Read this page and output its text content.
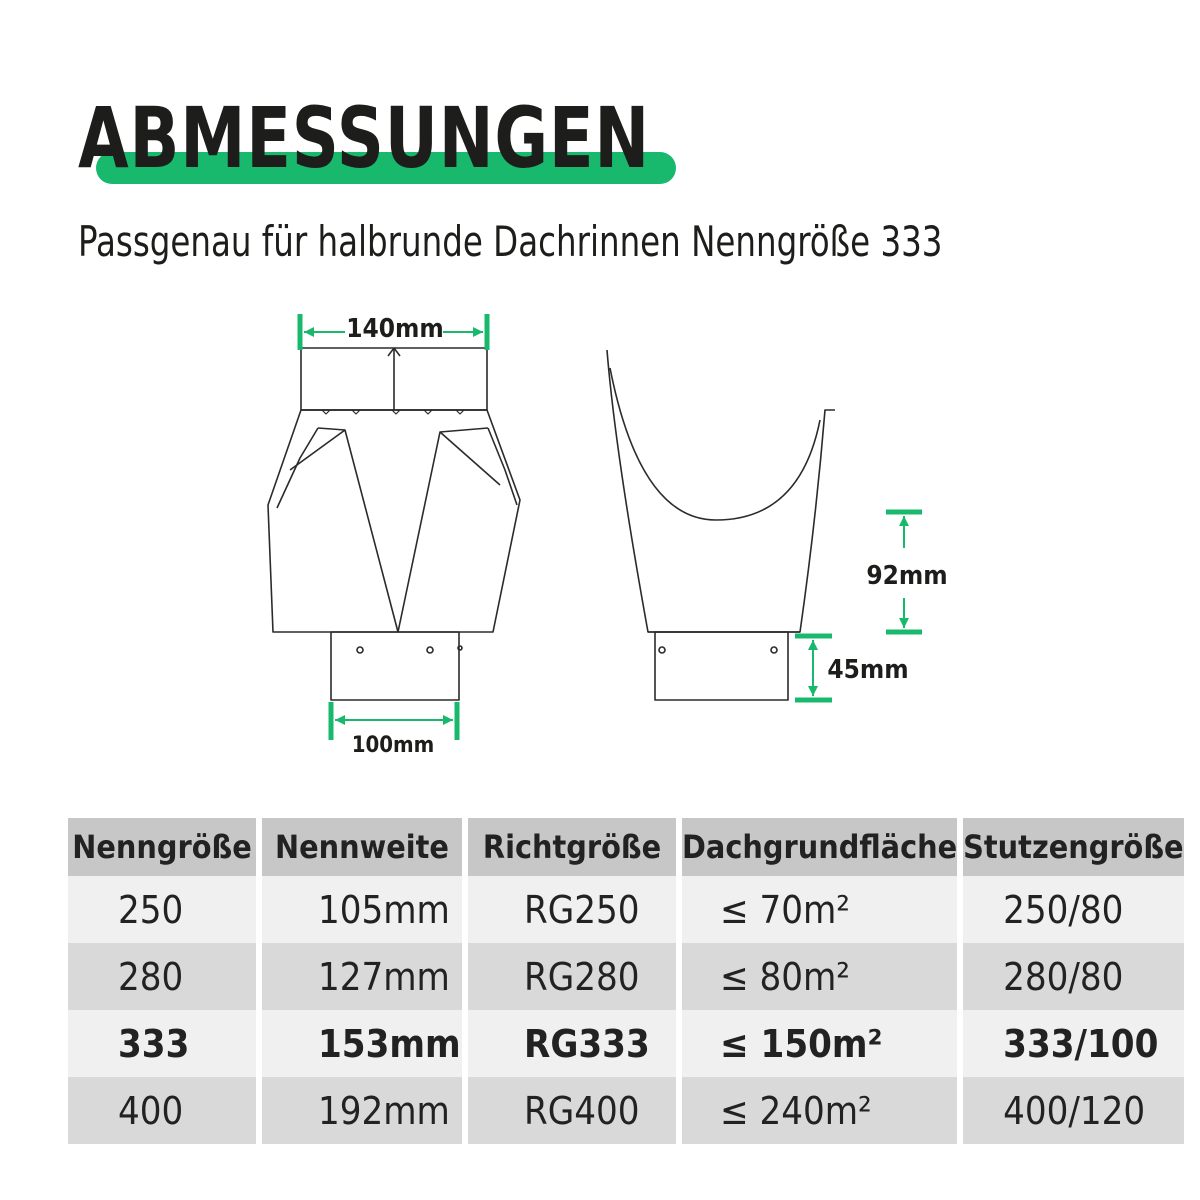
ABMESSUNGEN
Passgenau für halbrunde Dachrinnen Nenngröße 333
140mm
100mm
92mm
45mm
Nenngröße	Nennweite	Richtgröße	Dachgrundfläche	Stutzengröße
250	105mm	RG250	≤ 70m²	250/80
280	127mm	RG280	≤ 80m²	280/80
333	153mm	RG333	≤ 150m²	333/100
400	192mm	RG400	≤ 240m²	400/120
